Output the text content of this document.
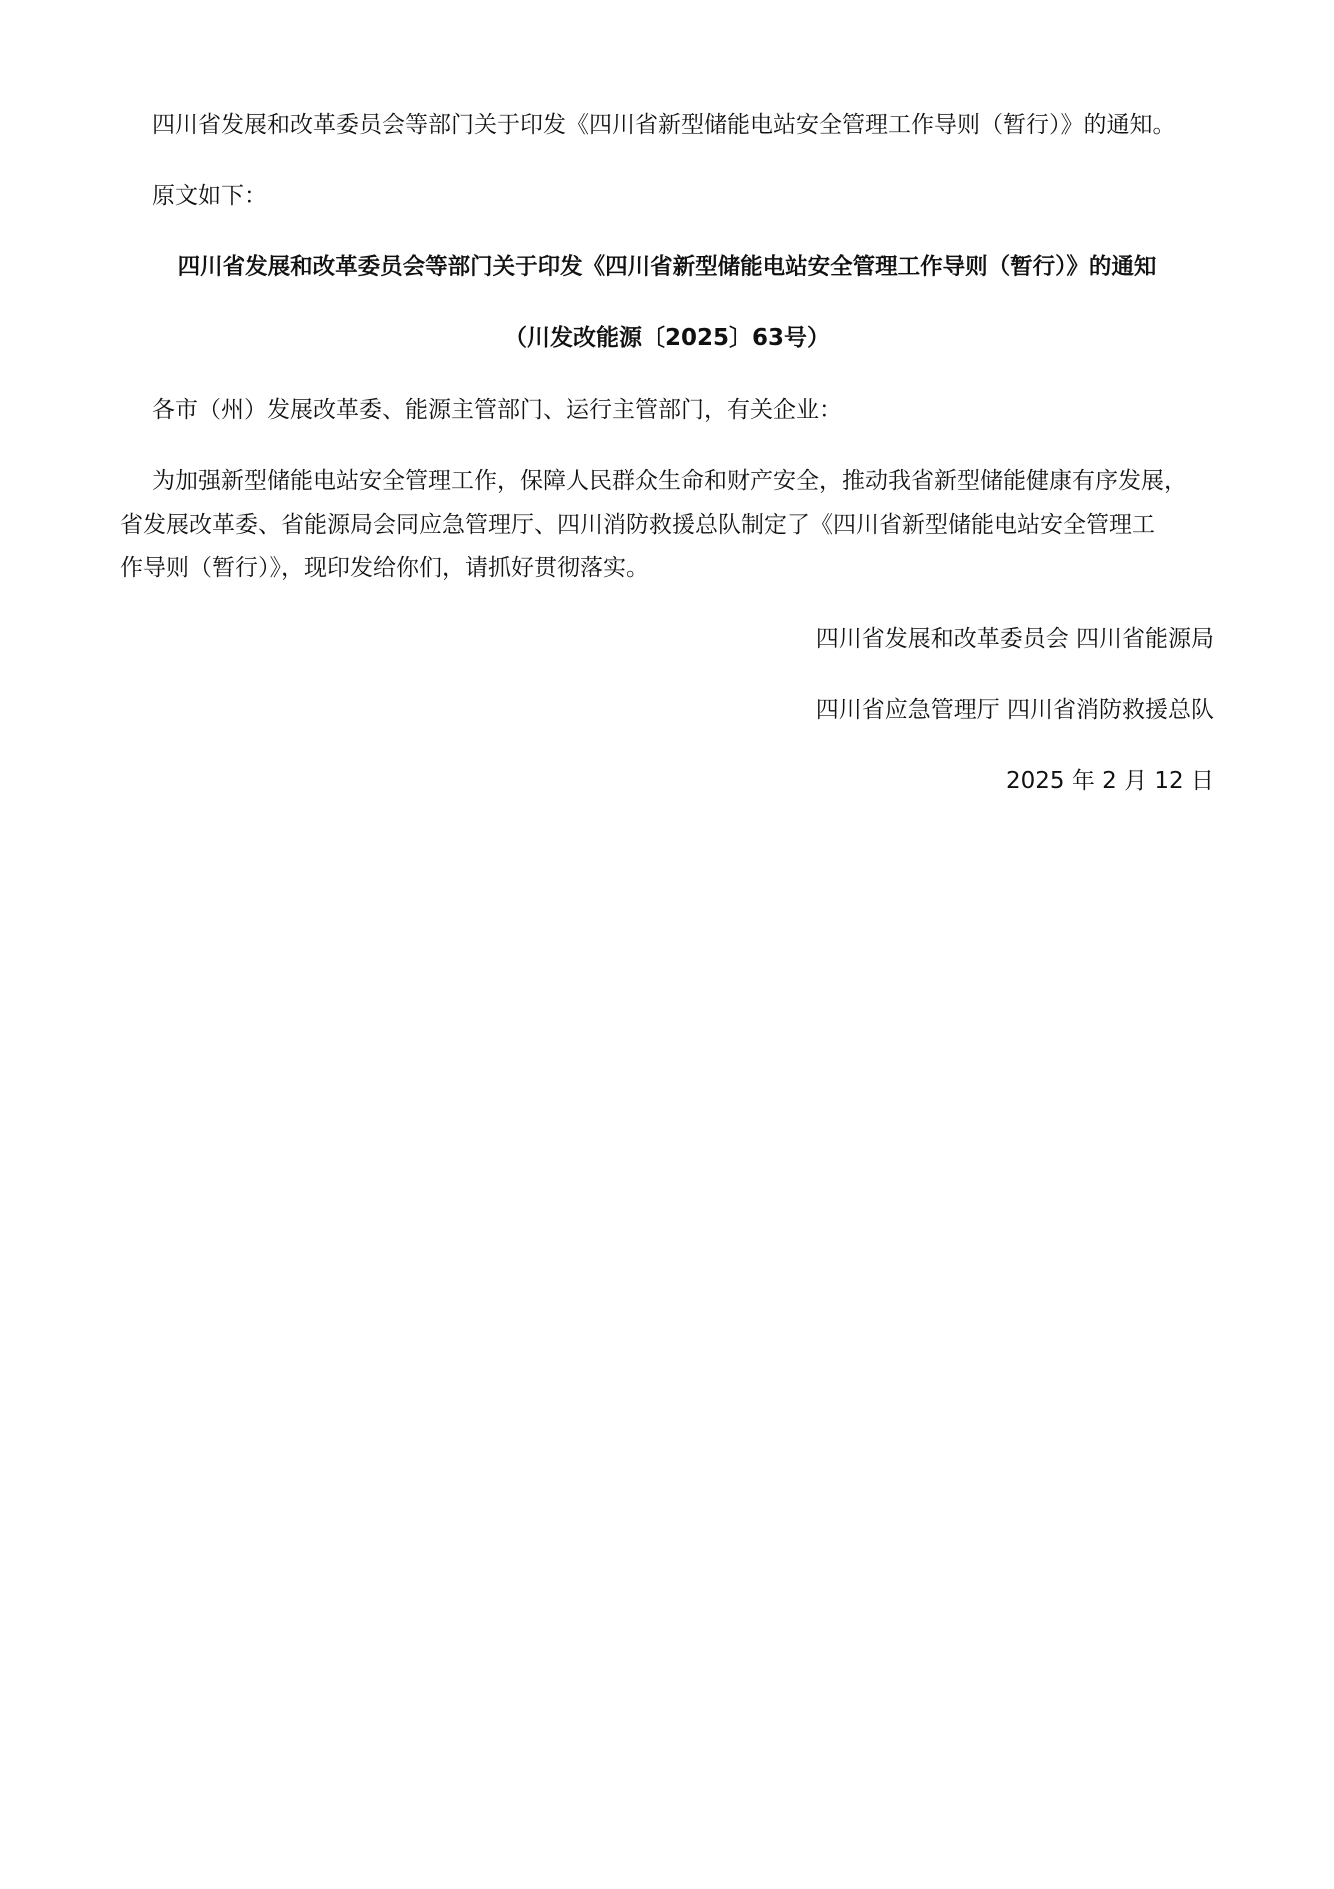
四川省发展和改革委员会等部门关于印发《四川省新型储能电站安全管理工作导则（暂行）》的通知。
原文如下：
四川省发展和改革委员会等部门关于印发《四川省新型储能电站安全管理工作导则（暂行）》的通知
（川发改能源〔2025〕63号）
各市（州）发展改革委、能源主管部门、运行主管部门，有关企业：
为加强新型储能电站安全管理工作，保障人民群众生命和财产安全，推动我省新型储能健康有序发展，
省发展改革委、省能源局会同应急管理厅、四川消防救援总队制定了《四川省新型储能电站安全管理工
作导则（暂行）》，现印发给你们，请抓好贯彻落实。
四川省发展和改革委员会 四川省能源局
四川省应急管理厅 四川省消防救援总队
2025 年 2 月 12 日
